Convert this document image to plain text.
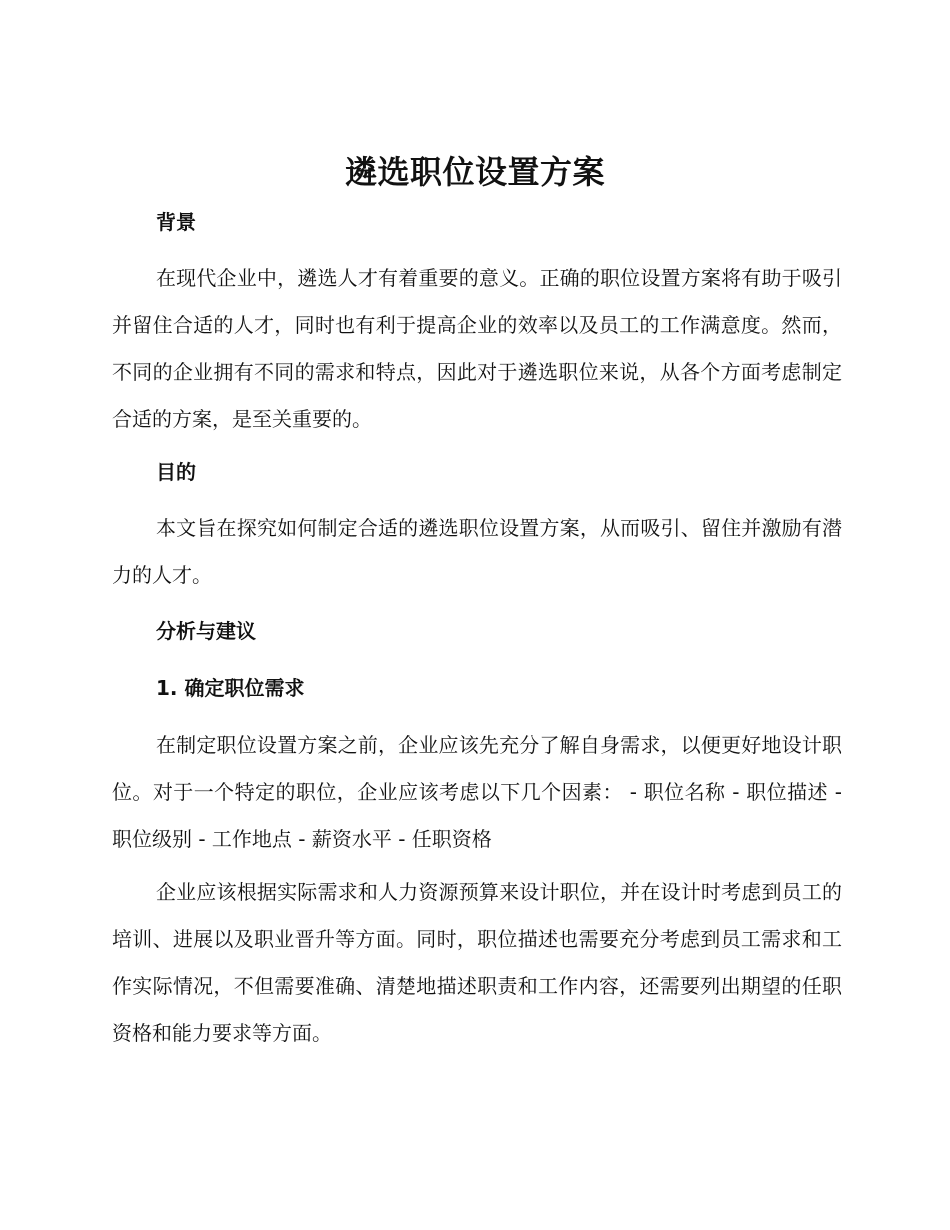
遴选职位设置方案
背景

在现代企业中，遴选人才有着重要的意义。正确的职位设置方案将有助于吸引并留住合适的人才，同时也有利于提高企业的效率以及员工的工作满意度。然而，不同的企业拥有不同的需求和特点，因此对于遴选职位来说，从各个方面考虑制定合适的方案，是至关重要的。

目的

本文旨在探究如何制定合适的遴选职位设置方案，从而吸引、留住并激励有潜力的人才。

分析与建议
1. 确定职位需求

在制定职位设置方案之前，企业应该先充分了解自身需求，以便更好地设计职位。对于一个特定的职位，企业应该考虑以下几个因素： - 职位名称 - 职位描述 - 职位级别 - 工作地点 - 薪资水平 - 任职资格

企业应该根据实际需求和人力资源预算来设计职位，并在设计时考虑到员工的培训、进展以及职业晋升等方面。同时，职位描述也需要充分考虑到员工需求和工作实际情况，不但需要准确、清楚地描述职责和工作内容，还需要列出期望的任职资格和能力要求等方面。
